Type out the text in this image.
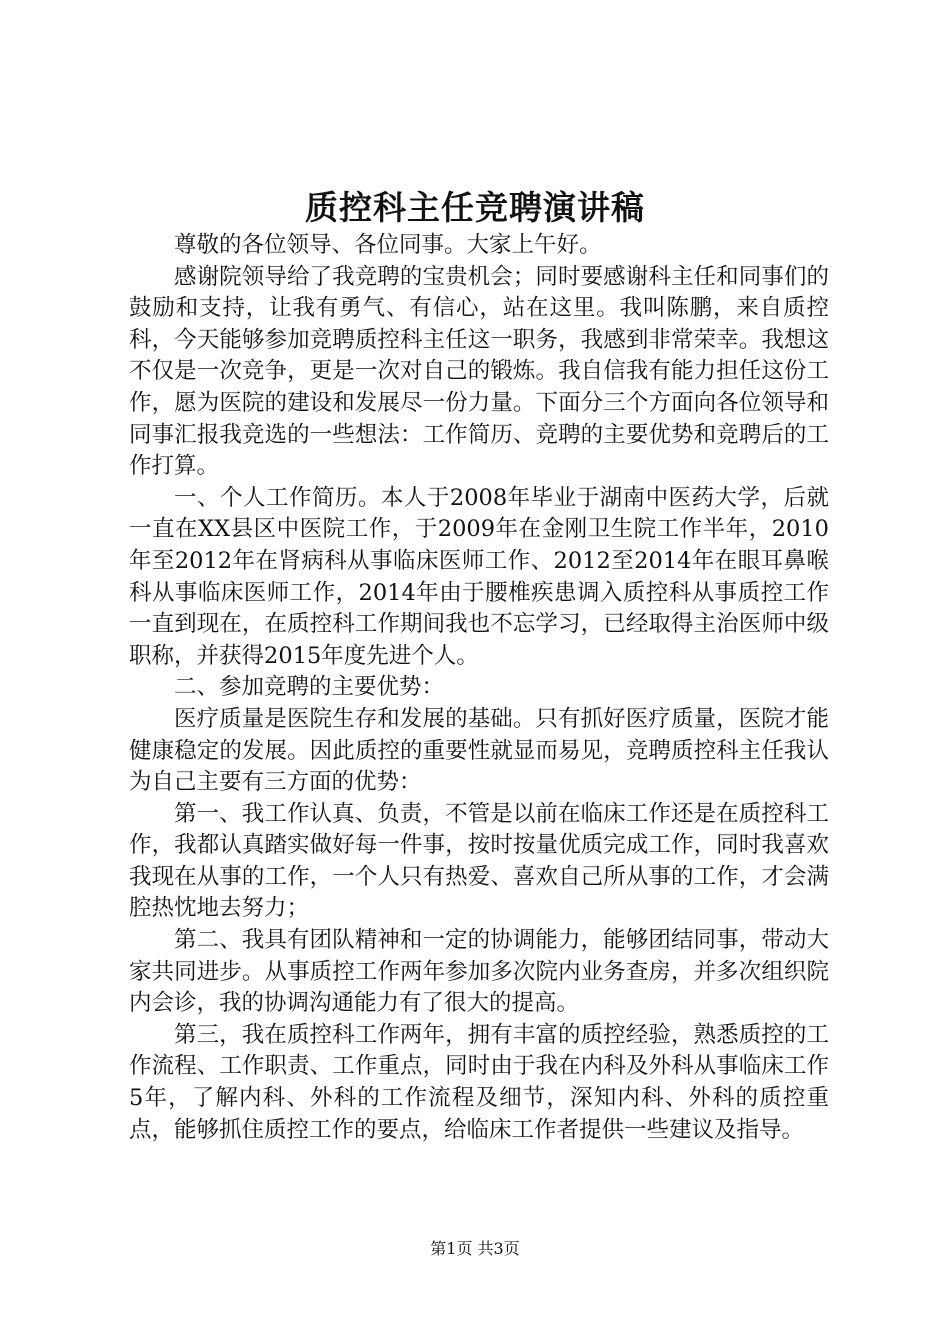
质控科主任竞聘演讲稿

尊敬的各位领导、各位同事。大家上午好。

感谢院领导给了我竞聘的宝贵机会；同时要感谢科主任和同事们的鼓励和支持，让我有勇气、有信心，站在这里。我叫陈鹏，来自质控科，今天能够参加竞聘质控科主任这一职务，我感到非常荣幸。我想这不仅是一次竞争，更是一次对自己的锻炼。我自信我有能力担任这份工作，愿为医院的建设和发展尽一份力量。下面分三个方面向各位领导和同事汇报我竞选的一些想法：工作简历、竞聘的主要优势和竞聘后的工作打算。

一、个人工作简历。本人于2008年毕业于湖南中医药大学，后就一直在XX县区中医院工作，于2009年在金刚卫生院工作半年，2010年至2012年在肾病科从事临床医师工作、2012至2014年在眼耳鼻喉科从事临床医师工作，2014年由于腰椎疾患调入质控科从事质控工作一直到现在，在质控科工作期间我也不忘学习，已经取得主治医师中级职称，并获得2015年度先进个人。

二、参加竞聘的主要优势：

医疗质量是医院生存和发展的基础。只有抓好医疗质量，医院才能健康稳定的发展。因此质控的重要性就显而易见，竞聘质控科主任我认为自己主要有三方面的优势：

第一、我工作认真、负责，不管是以前在临床工作还是在质控科工作，我都认真踏实做好每一件事，按时按量优质完成工作，同时我喜欢我现在从事的工作，一个人只有热爱、喜欢自己所从事的工作，才会满腔热忱地去努力；

第二、我具有团队精神和一定的协调能力，能够团结同事，带动大家共同进步。从事质控工作两年参加多次院内业务查房，并多次组织院内会诊，我的协调沟通能力有了很大的提高。

第三，我在质控科工作两年，拥有丰富的质控经验，熟悉质控的工作流程、工作职责、工作重点，同时由于我在内科及外科从事临床工作5年，了解内科、外科的工作流程及细节，深知内科、外科的质控重点，能够抓住质控工作的要点，给临床工作者提供一些建议及指导。

第1页 共3页
